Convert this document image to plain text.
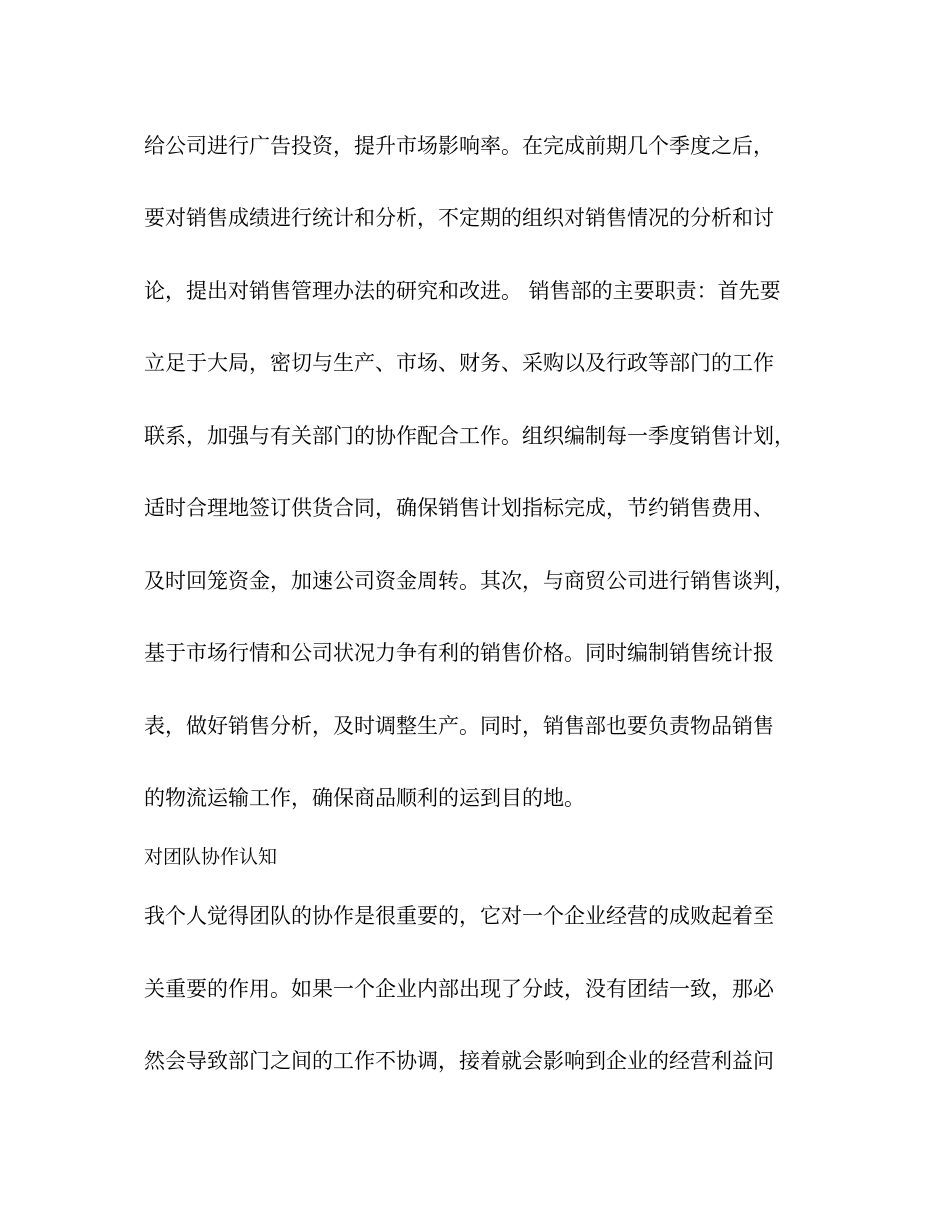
给公司进行广告投资，提升市场影响率。在完成前期几个季度之后，
要对销售成绩进行统计和分析，不定期的组织对销售情况的分析和讨
论，提出对销售管理办法的研究和改进。 销售部的主要职责：首先要
立足于大局，密切与生产、市场、财务、采购以及行政等部门的工作
联系，加强与有关部门的协作配合工作。组织编制每一季度销售计划，
适时合理地签订供货合同，确保销售计划指标完成，节约销售费用、
及时回笼资金，加速公司资金周转。其次，与商贸公司进行销售谈判，
基于市场行情和公司状况力争有利的销售价格。同时编制销售统计报
表，做好销售分析，及时调整生产。同时，销售部也要负责物品销售
的物流运输工作，确保商品顺利的运到目的地。
对团队协作认知
我个人觉得团队的协作是很重要的，它对一个企业经营的成败起着至
关重要的作用。如果一个企业内部出现了分歧，没有团结一致，那必
然会导致部门之间的工作不协调，接着就会影响到企业的经营利益问
